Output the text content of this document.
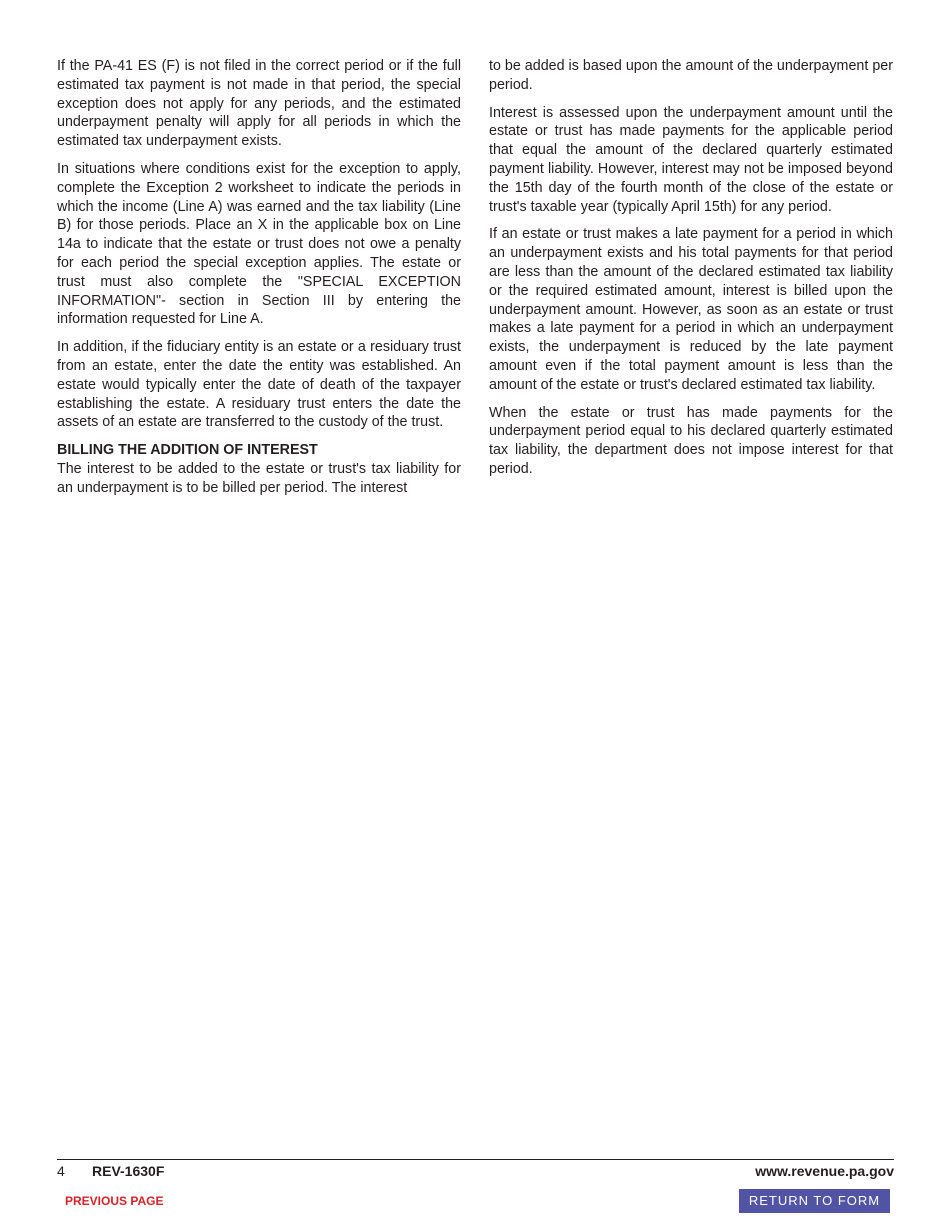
If the PA-41 ES (F) is not filed in the correct period or if the full estimated tax payment is not made in that period, the special exception does not apply for any periods, and the estimated underpayment penalty will apply for all periods in which the estimated tax underpayment exists.

In situations where conditions exist for the exception to apply, complete the Exception 2 worksheet to indicate the periods in which the income (Line A) was earned and the tax liability (Line B) for those periods. Place an X in the applicable box on Line 14a to indicate that the estate or trust does not owe a penalty for each period the special exception applies. The estate or trust must also complete the "SPECIAL EXCEPTION INFORMATION"- section in Section III by entering the information requested for Line A.

In addition, if the fiduciary entity is an estate or a residuary trust from an estate, enter the date the entity was established. An estate would typically enter the date of death of the taxpayer establishing the estate. A residuary trust enters the date the assets of an estate are transferred to the custody of the trust.

BILLING THE ADDITION OF INTEREST

The interest to be added to the estate or trust's tax liability for an underpayment is to be billed per period. The interest

to be added is based upon the amount of the underpayment per period.

Interest is assessed upon the underpayment amount until the estate or trust has made payments for the applicable period that equal the amount of the declared quarterly estimated payment liability. However, interest may not be imposed beyond the 15th day of the fourth month of the close of the estate or trust's taxable year (typically April 15th) for any period.

If an estate or trust makes a late payment for a period in which an underpayment exists and his total payments for that period are less than the amount of the declared estimated tax liability or the required estimated amount, interest is billed upon the underpayment amount. However, as soon as an estate or trust makes a late payment for a period in which an underpayment exists, the underpayment is reduced by the late payment amount even if the total payment amount is less than the amount of the estate or trust's declared estimated tax liability.

When the estate or trust has made payments for the underpayment period equal to his declared quarterly estimated tax liability, the department does not impose interest for that period.

4 REV-1630F	www.revenue.pa.gov
PREVIOUS PAGE	RETURN TO FORM
